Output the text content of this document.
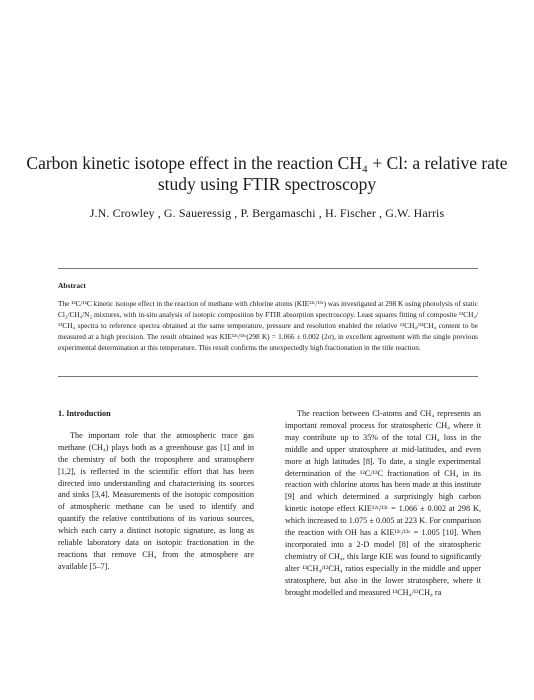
Carbon kinetic isotope effect in the reaction CH₄ + Cl: a relative rate study using FTIR spectroscopy
J.N. Crowley , G. Saueressig , P. Bergamaschi , H. Fischer , G.W. Harris
Abstract
The ¹³C/¹²C kinetic isotope effect in the reaction of methane with chlorine atoms (KIE¹²ᶜ/¹³ᶜ) was investigated at 298 K using photolysis of static Cl₂/CH₄/N₂ mixtures, with in-situ analysis of isotopic composition by FTIR absorption spectroscopy. Least squares fitting of composite ¹²CH₄/¹³CH₄ spectra to reference spectra obtained at the same temperature, pressure and resolution enabled the relative ¹²CH₄/¹³CH₄ content to be measured at a high precision. The result obtained was KIE¹²ᶜ/¹³ᶜ(298 K) = 1.066 ± 0.002 (2σ), in excellent agreement with the single previous experimental determination at this temperature. This result confirms the unexpectedly high fractionation in the title reaction.
1. Introduction

The important role that the atmospheric trace gas methane (CH₄) plays both as a greenhouse gas [1] and in the chemistry of both the troposphere and stratosphere [1,2], is reflected in the scientific effort that has been directed into understanding and characterising its sources and sinks [3,4]. Measurements of the isotopic composition of atmospheric methane can be used to identify and quantify the relative contributions of its various sources, which each carry a distinct isotopic signature, as long as reliable laboratory data on isotopic fractionation in the reactions that remove CH₄ from the atmosphere are available [5–7].

The reaction between Cl-atoms and CH₄ represents an important removal process for stratospheric CH₄ where it may contribute up to 35% of the total CH₄ loss in the middle and upper stratosphere at mid-latitudes, and even more at high latitudes [8]. To date, a single experimental determination of the ¹²C/¹³C fractionation of CH₄ in its reaction with chlorine atoms has been made at this institute [9] and which determined a surprisingly high carbon kinetic isotope effect KIE¹²ᶜ/¹³ᶜ = 1.066 ± 0.002 at 298 K, which increased to 1.075 ± 0.005 at 223 K. For comparison the reaction with OH has a KIE¹²ᶜ/¹³ᶜ = 1.005 [10]. When incorporated into a 2-D model [8] of the stratospheric chemistry of CH₄, this large KIE was found to significantly alter ¹³CH₄/¹²CH₄ ratios especially in the middle and upper stratosphere, but also in the lower stratosphere, where it brought modelled and measured ¹³CH₄/¹²CH₄ ra
